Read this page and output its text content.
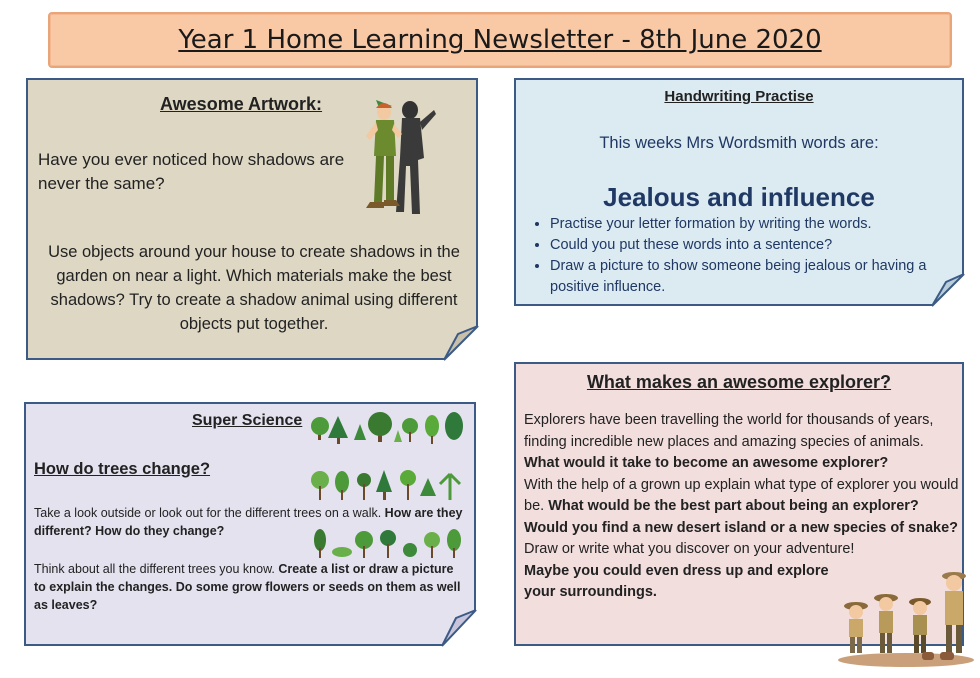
Year 1 Home Learning Newsletter - 8th June 2020
Awesome Artwork:
Have you ever noticed how shadows are never the same?
Use objects around your house to create shadows in the garden on near a light. Which materials make the best shadows? Try to create a shadow animal using different objects put together.
Handwriting Practise
This weeks Mrs Wordsmith words are:
Jealous and influence
• Practise your letter formation by writing the words.
• Could you put these words into a sentence?
• Draw a picture to show someone being jealous or having a positive influence.
Super Science
How do trees change?
Take a look outside or look out for the different trees on a walk. How are they different? How do they change?
Think about all the different trees you know. Create a list or draw a picture to explain the changes. Do some grow flowers or seeds on them as well as leaves?
What makes an awesome explorer?
Explorers have been travelling the world for thousands of years, finding incredible new places and amazing species of animals.
What would it take to become an awesome explorer?
With the help of a grown up explain what type of explorer you would be. What would be the best part about being an explorer? Would you find a new desert island or a new species of snake? Draw or write what you discover on your adventure!
Maybe you could even dress up and explore your surroundings.
